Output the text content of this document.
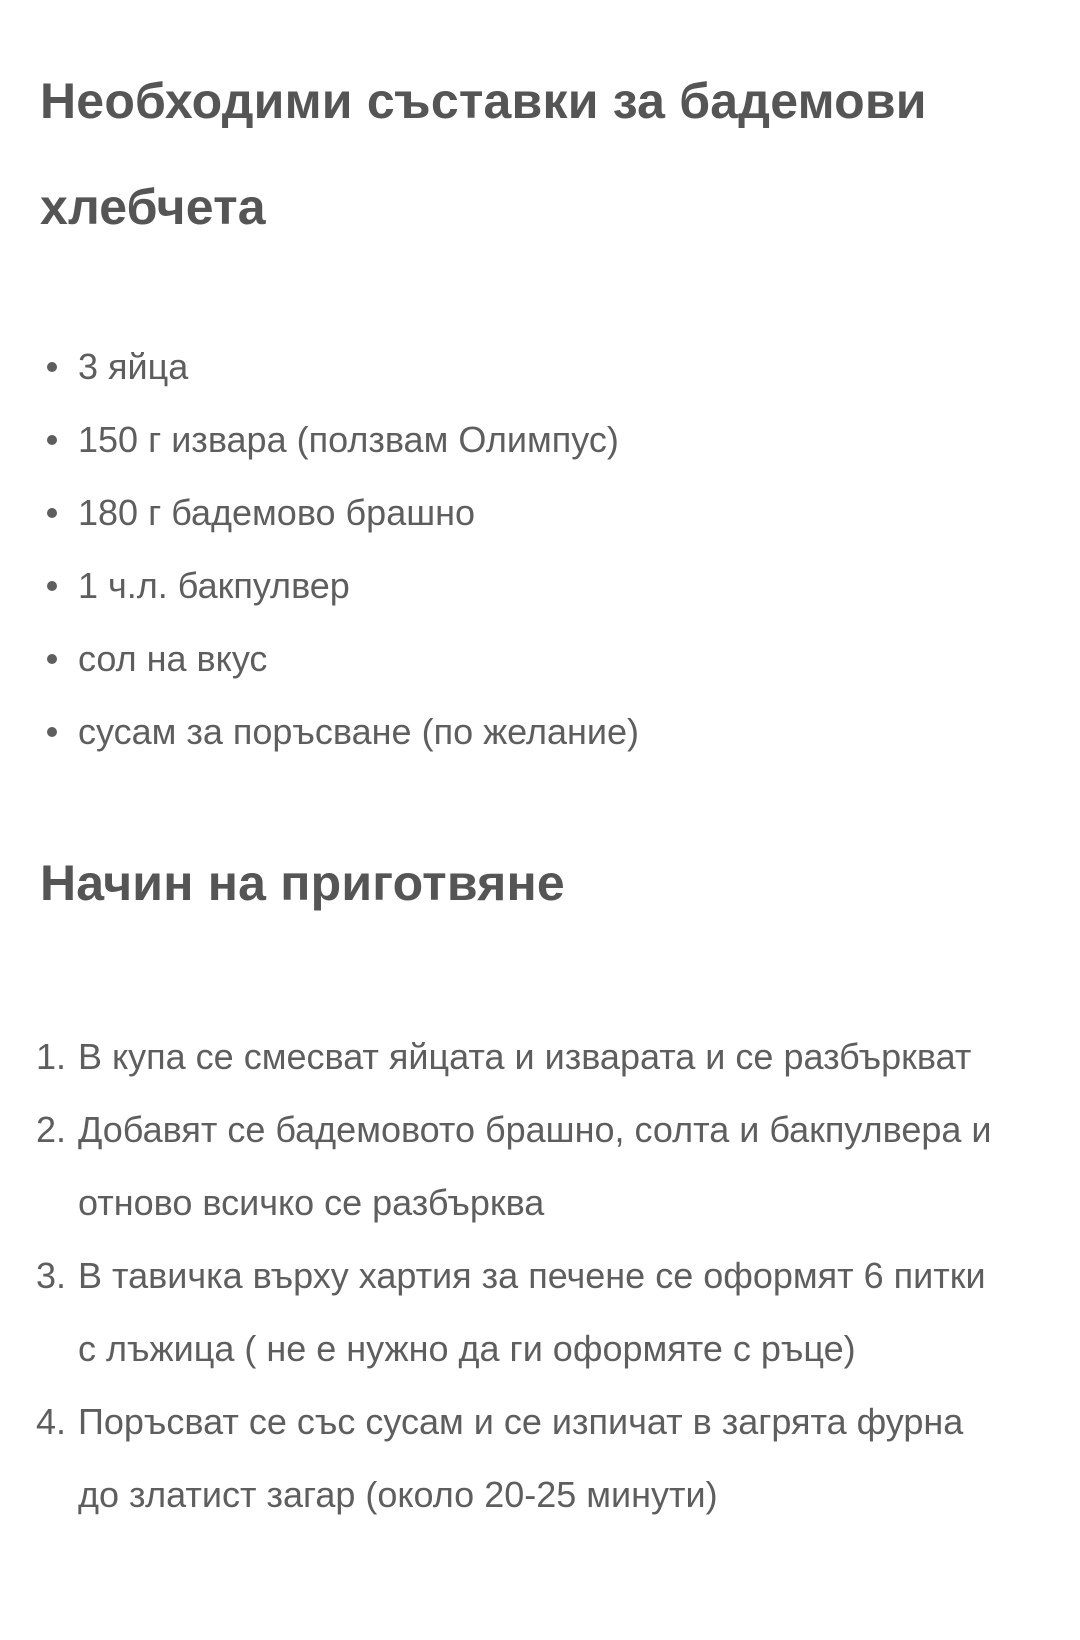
Необходими съставки за бадемови хлебчета
3 яйца
150 г извара (ползвам Олимпус)
180 г бадемово брашно
1 ч.л. бакпулвер
сол на вкус
сусам за поръсване (по желание)
Начин на приготвяне
1. В купа се смесват яйцата и изварата и се разбъркват
2. Добавят се бадемовото брашно, солта и бакпулвера и отново всичко се разбърква
3. В тавичка върху хартия за печене се оформят 6 питки с лъжица ( не е нужно да ги оформяте с ръце)
4. Поръсват се със сусам и се изпичат в загрята фурна до златист загар (около 20-25 минути)
